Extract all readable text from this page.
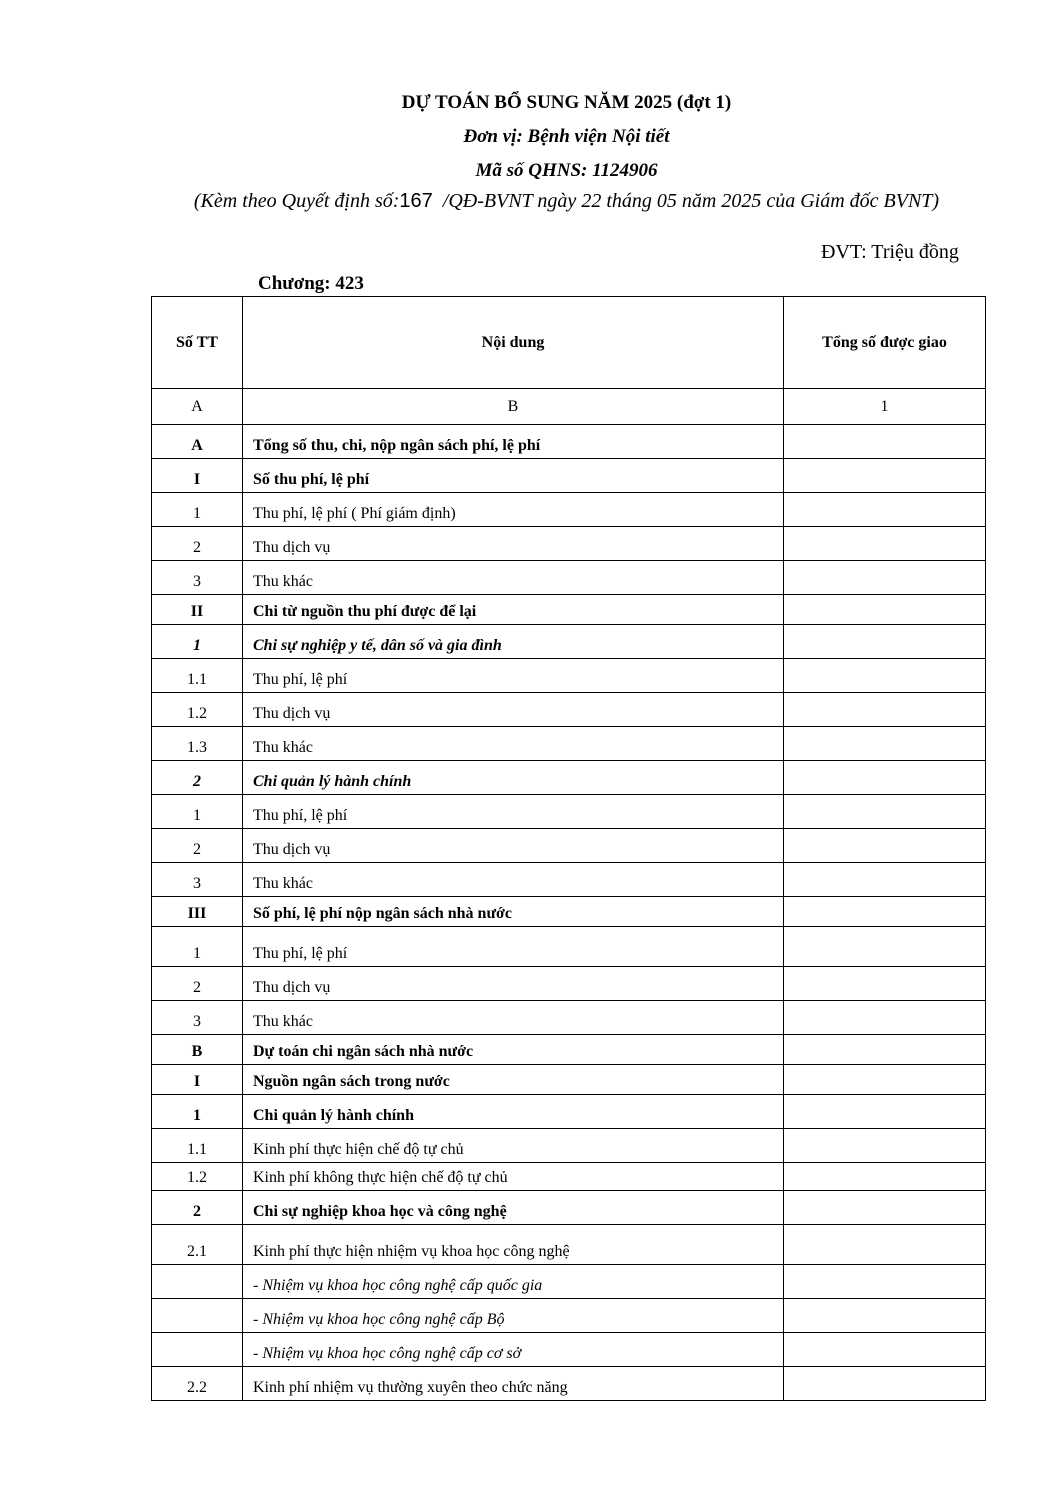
DỰ TOÁN BỔ SUNG NĂM 2025 (đợt 1)
Đơn vị: Bệnh viện Nội tiết
Mã số QHNS: 1124906
(Kèm theo Quyết định số:167 /QĐ-BVNT ngày 22 tháng 05 năm 2025 của Giám đốc BVNT)
ĐVT: Triệu đồng
Chương: 423
Số TT	Nội dung	Tổng số được giao
A	B	1

A	Tổng số thu, chi, nộp ngân sách phí, lệ phí	

I	Số thu phí, lệ phí	

1	Thu phí, lệ phí ( Phí giám định)	

2	Thu dịch vụ	

3	Thu khác	

II	Chi từ nguồn thu phí được để lại	

1	Chi sự nghiệp y tế, dân số và gia đình	

1.1	Thu phí, lệ phí	

1.2	Thu dịch vụ	

1.3	Thu khác	

2	Chi quản lý hành chính	

1	Thu phí, lệ phí	

2	Thu dịch vụ	

3	Thu khác	

III	Số phí, lệ phí nộp ngân sách nhà nước	

1	Thu phí, lệ phí	

2	Thu dịch vụ	

3	Thu khác	

B	Dự toán chi ngân sách nhà nước	

I	Nguồn ngân sách trong nước	

1	Chi quản lý hành chính	

1.1	Kinh phí thực hiện chế độ tự chủ	

1.2	Kinh phí không thực hiện chế độ tự chủ	

2	Chi sự nghiệp khoa học và công nghệ	

2.1	Kinh phí thực hiện nhiệm vụ khoa học công nghệ	

	- Nhiệm vụ khoa học công nghệ cấp quốc gia	

	- Nhiệm vụ khoa học công nghệ cấp Bộ	

	- Nhiệm vụ khoa học công nghệ cấp cơ sở	

2.2	Kinh phí nhiệm vụ thường xuyên theo chức năng	
